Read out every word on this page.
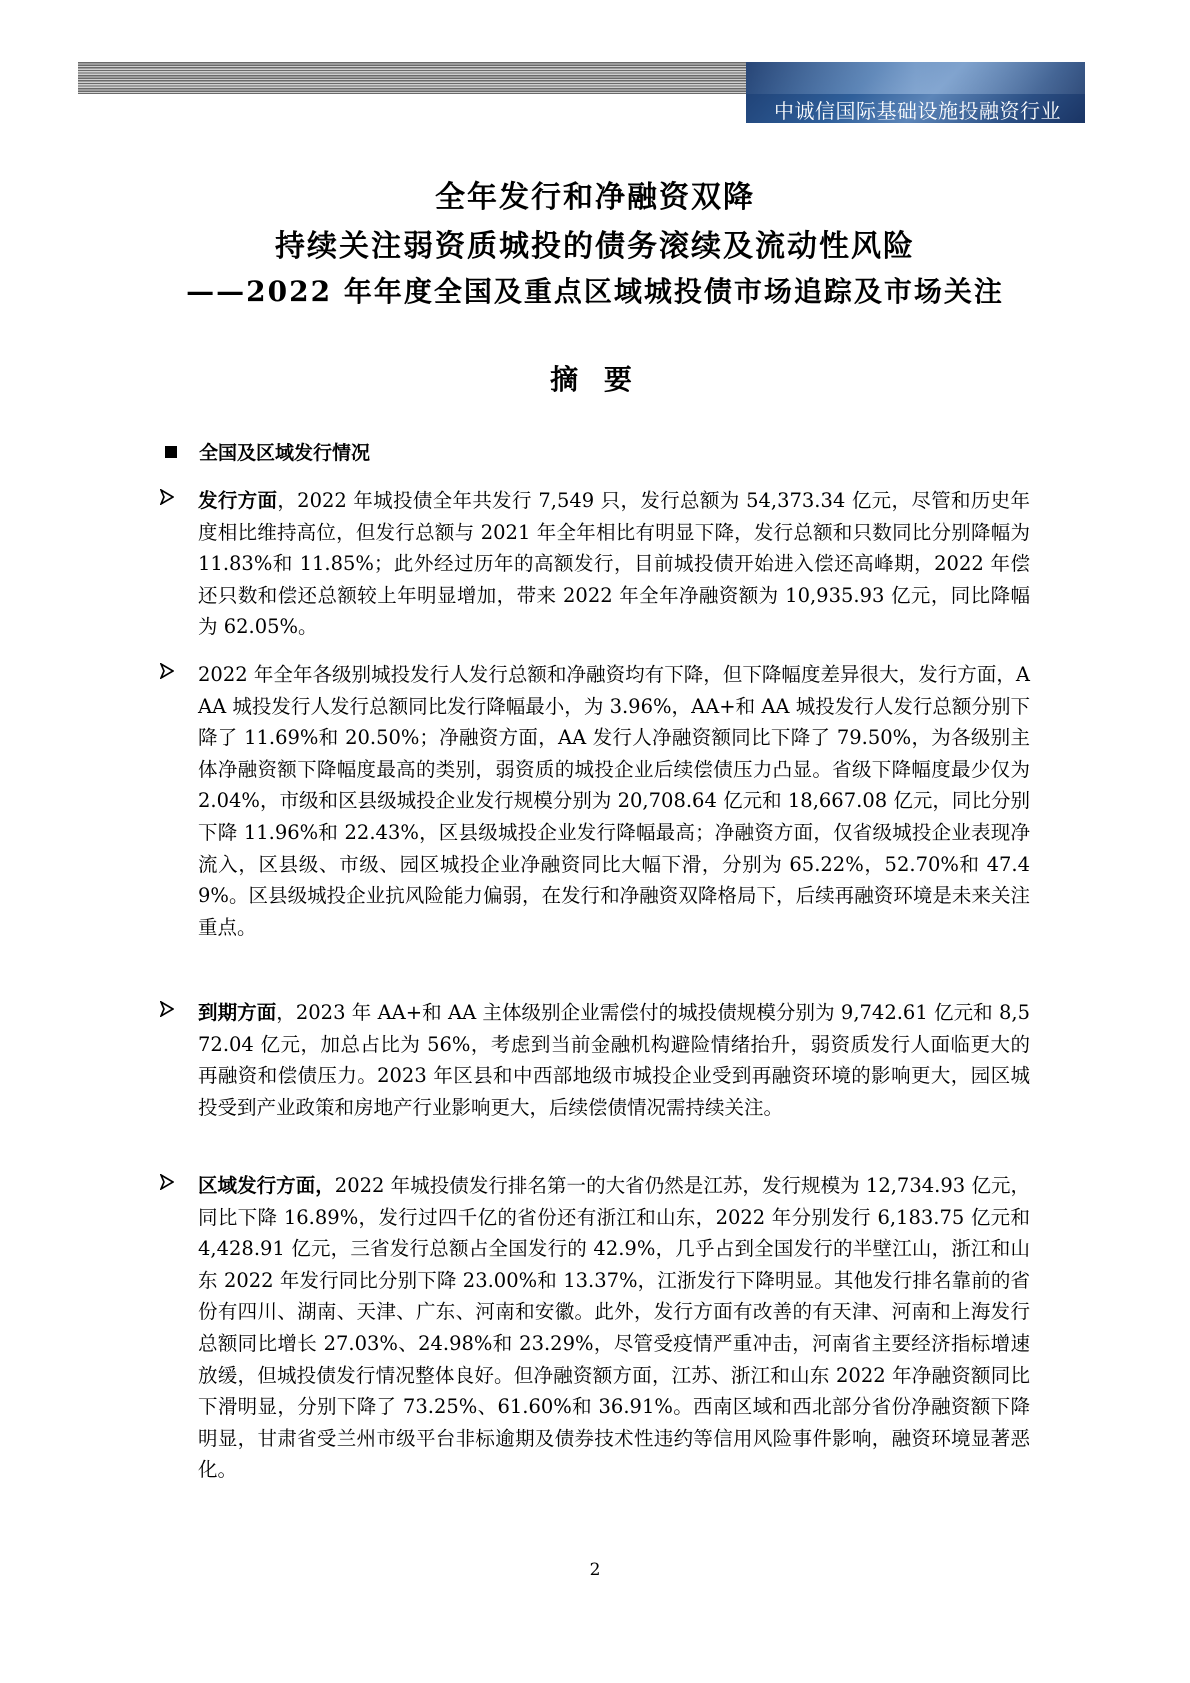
中诚信国际基础设施投融资行业
全年发行和净融资双降
持续关注弱资质城投的债务滚续及流动性风险
——2022 年年度全国及重点区域城投债市场追踪及市场关注
摘 要
全国及区域发行情况
发行方面，2022 年城投债全年共发行 7,549 只，发行总额为 54,373.34 亿元，尽管和历史年度相比维持高位，但发行总额与 2021 年全年相比有明显下降，发行总额和只数同比分别降幅为 11.83%和 11.85%；此外经过历年的高额发行，目前城投债开始进入偿还高峰期，2022 年偿还只数和偿还总额较上年明显增加，带来 2022 年全年净融资额为 10,935.93 亿元，同比降幅为 62.05%。
2022 年全年各级别城投发行人发行总额和净融资均有下降，但下降幅度差异很大，发行方面，AAA 城投发行人发行总额同比发行降幅最小，为 3.96%，AA+和 AA 城投发行人发行总额分别下降了 11.69%和 20.50%；净融资方面，AA 发行人净融资额同比下降了 79.50%，为各级别主体净融资额下降幅度最高的类别，弱资质的城投企业后续偿债压力凸显。省级下降幅度最少仅为 2.04%，市级和区县级城投企业发行规模分别为 20,708.64 亿元和 18,667.08 亿元，同比分别下降 11.96%和 22.43%，区县级城投企业发行降幅最高；净融资方面，仅省级城投企业表现净流入，区县级、市级、园区城投企业净融资同比大幅下滑，分别为 65.22%，52.70%和 47.49%。区县级城投企业抗风险能力偏弱，在发行和净融资双降格局下，后续再融资环境是未来关注重点。
到期方面，2023 年 AA+和 AA 主体级别企业需偿付的城投债规模分别为 9,742.61 亿元和 8,572.04 亿元，加总占比为 56%，考虑到当前金融机构避险情绪抬升，弱资质发行人面临更大的再融资和偿债压力。2023 年区县和中西部地级市城投企业受到再融资环境的影响更大，园区城投受到产业政策和房地产行业影响更大，后续偿债情况需持续关注。
区域发行方面，2022 年城投债发行排名第一的大省仍然是江苏，发行规模为 12,734.93 亿元，同比下降 16.89%，发行过四千亿的省份还有浙江和山东，2022 年分别发行 6,183.75 亿元和 4,428.91 亿元，三省发行总额占全国发行的 42.9%，几乎占到全国发行的半壁江山，浙江和山东 2022 年发行同比分别下降 23.00%和 13.37%，江浙发行下降明显。其他发行排名靠前的省份有四川、湖南、天津、广东、河南和安徽。此外，发行方面有改善的有天津、河南和上海发行总额同比增长 27.03%、24.98%和 23.29%，尽管受疫情严重冲击，河南省主要经济指标增速放缓，但城投债发行情况整体良好。但净融资额方面，江苏、浙江和山东 2022 年净融资额同比下滑明显，分别下降了 73.25%、61.60%和 36.91%。西南区域和西北部分省份净融资额下降明显，甘肃省受兰州市级平台非标逾期及债券技术性违约等信用风险事件影响，融资环境显著恶化。
2
